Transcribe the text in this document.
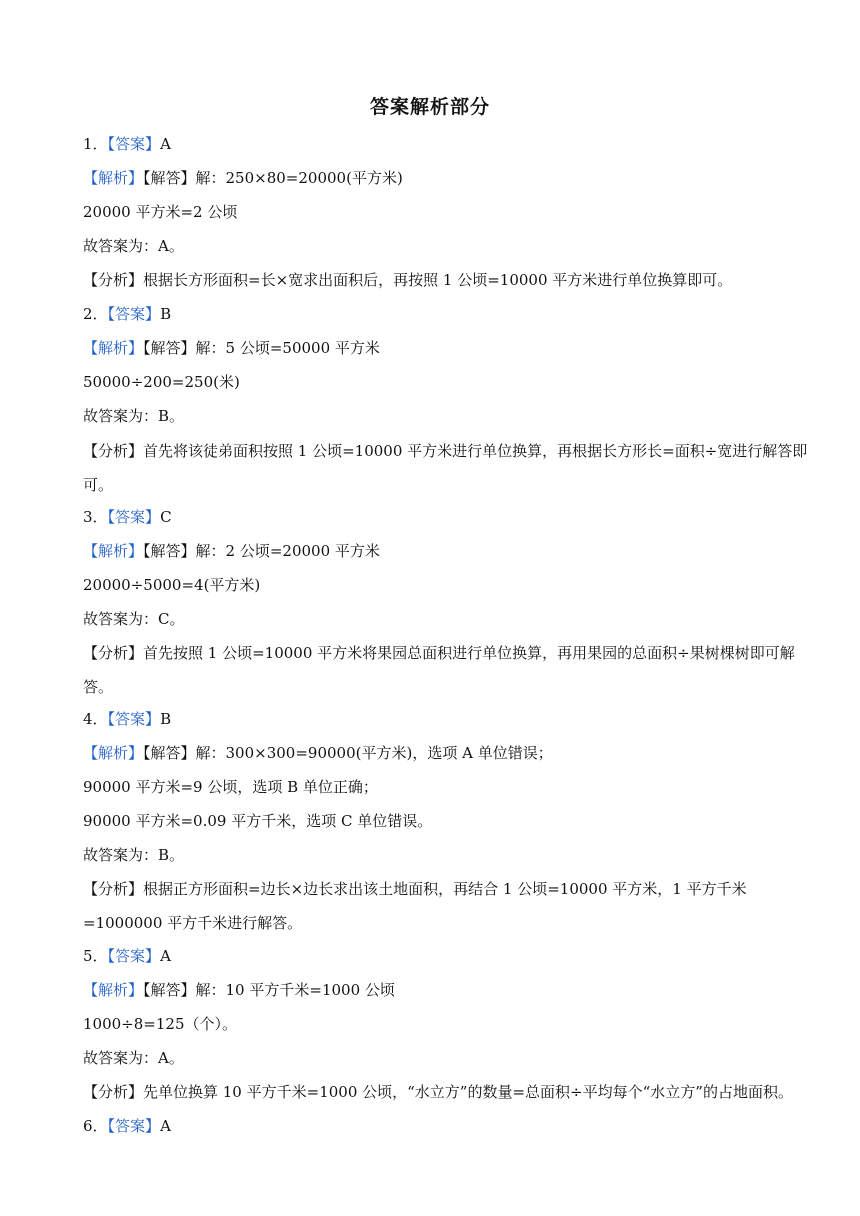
答案解析部分
1．【答案】A
【解析】【解答】解：250×80=20000(平方米)
20000 平方米=2 公顷
故答案为：A。
【分析】根据长方形面积=长×宽求出面积后，再按照 1 公顷=10000 平方米进行单位换算即可。
2．【答案】B
【解析】【解答】解：5 公顷=50000 平方米
50000÷200=250(米)
故答案为：B。
【分析】首先将该徒弟面积按照 1 公顷=10000 平方米进行单位换算，再根据长方形长=面积÷宽进行解答即可。
3．【答案】C
【解析】【解答】解：2 公顷=20000 平方米
20000÷5000=4(平方米)
故答案为：C。
【分析】首先按照 1 公顷=10000 平方米将果园总面积进行单位换算，再用果园的总面积÷果树棵树即可解答。
4．【答案】B
【解析】【解答】解：300×300=90000(平方米)，选项 A 单位错误；
90000 平方米=9 公顷，选项 B 单位正确；
90000 平方米=0.09 平方千米，选项 C 单位错误。
故答案为：B。
【分析】根据正方形面积=边长×边长求出该土地面积，再结合 1 公顷=10000 平方米，1 平方千米=1000000 平方千米进行解答。
5．【答案】A
【解析】【解答】解：10 平方千米=1000 公顷
1000÷8=125（个）。
故答案为：A。
【分析】先单位换算 10 平方千米=1000 公顷，“水立方”的数量=总面积÷平均每个“水立方”的占地面积。
6．【答案】A
